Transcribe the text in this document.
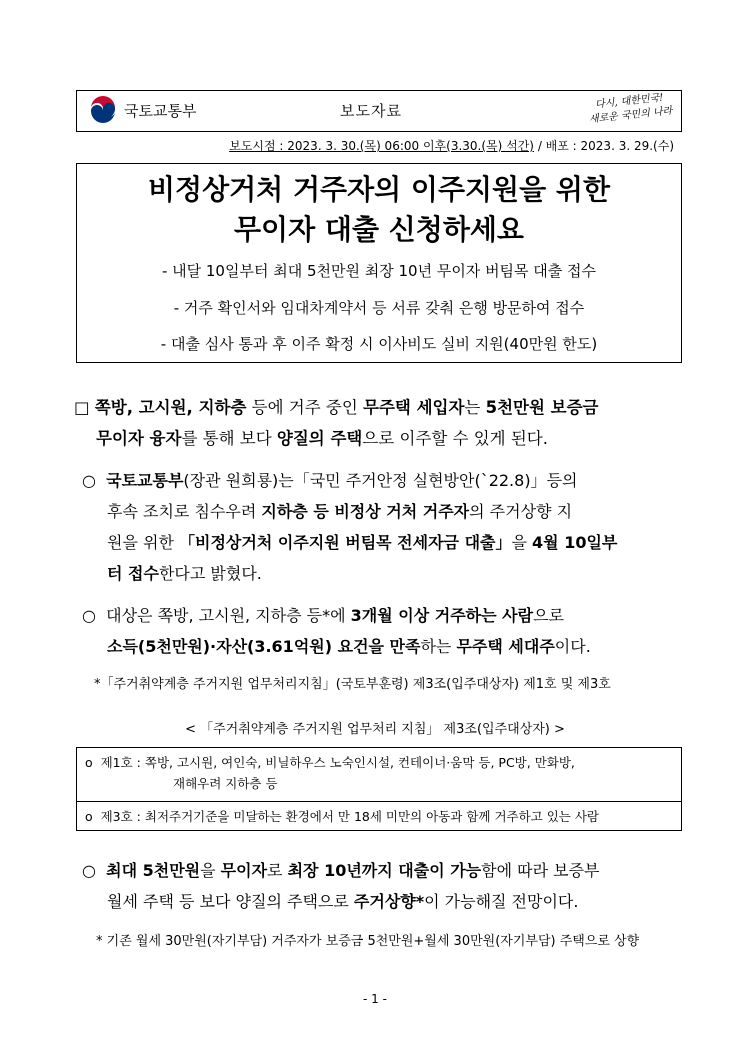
국토교통부	보도자료
다시, 대한민국!
새로운 국민의 나라
보도시점 : 2023. 3. 30.(목) 06:00 이후(3.30.(목) 석간) / 배포 : 2023. 3. 29.(수)
비정상거처 거주자의 이주지원을 위한
무이자 대출 신청하세요
- 내달 10일부터 최대 5천만원 최장 10년 무이자 버팀목 대출 접수
- 거주 확인서와 임대차계약서 등 서류 갖춰 은행 방문하여 접수
- 대출 심사 통과 후 이주 확정 시 이사비도 실비 지원(40만원 한도)
□ 쪽방, 고시원, 지하층 등에 거주 중인 무주택 세입자는 5천만원 보증금
무이자 융자를 통해 보다 양질의 주택으로 이주할 수 있게 된다.
○ 국토교통부(장관 원희룡)는「국민 주거안정 실현방안(`22.8)」등의
후속 조치로 침수우려 지하층 등 비정상 거처 거주자의 주거상향 지
원을 위한 「비정상거처 이주지원 버팀목 전세자금 대출」을 4월 10일부
터 접수한다고 밝혔다.
○ 대상은 쪽방, 고시원, 지하층 등*에 3개월 이상 거주하는 사람으로
소득(5천만원)·자산(3.61억원) 요건을 만족하는 무주택 세대주이다.
*「주거취약계층 주거지원 업무처리지침」(국토부훈령) 제3조(입주대상자) 제1호 및 제3호
< 「주거취약계층 주거지원 업무처리 지침」 제3조(입주대상자) >
o 제1호 : 쪽방, 고시원, 여인숙, 비닐하우스 노숙인시설, 컨테이너·움막 등, PC방, 만화방,
재해우려 지하층 등
o 제3호 : 최저주거기준을 미달하는 환경에서 만 18세 미만의 아동과 함께 거주하고 있는 사람
○ 최대 5천만원을 무이자로 최장 10년까지 대출이 가능함에 따라 보증부
월세 주택 등 보다 양질의 주택으로 주거상향*이 가능해질 전망이다.
* 기존 월세 30만원(자기부담) 거주자가 보증금 5천만원+월세 30만원(자기부담) 주택으로 상향
- 1 -
